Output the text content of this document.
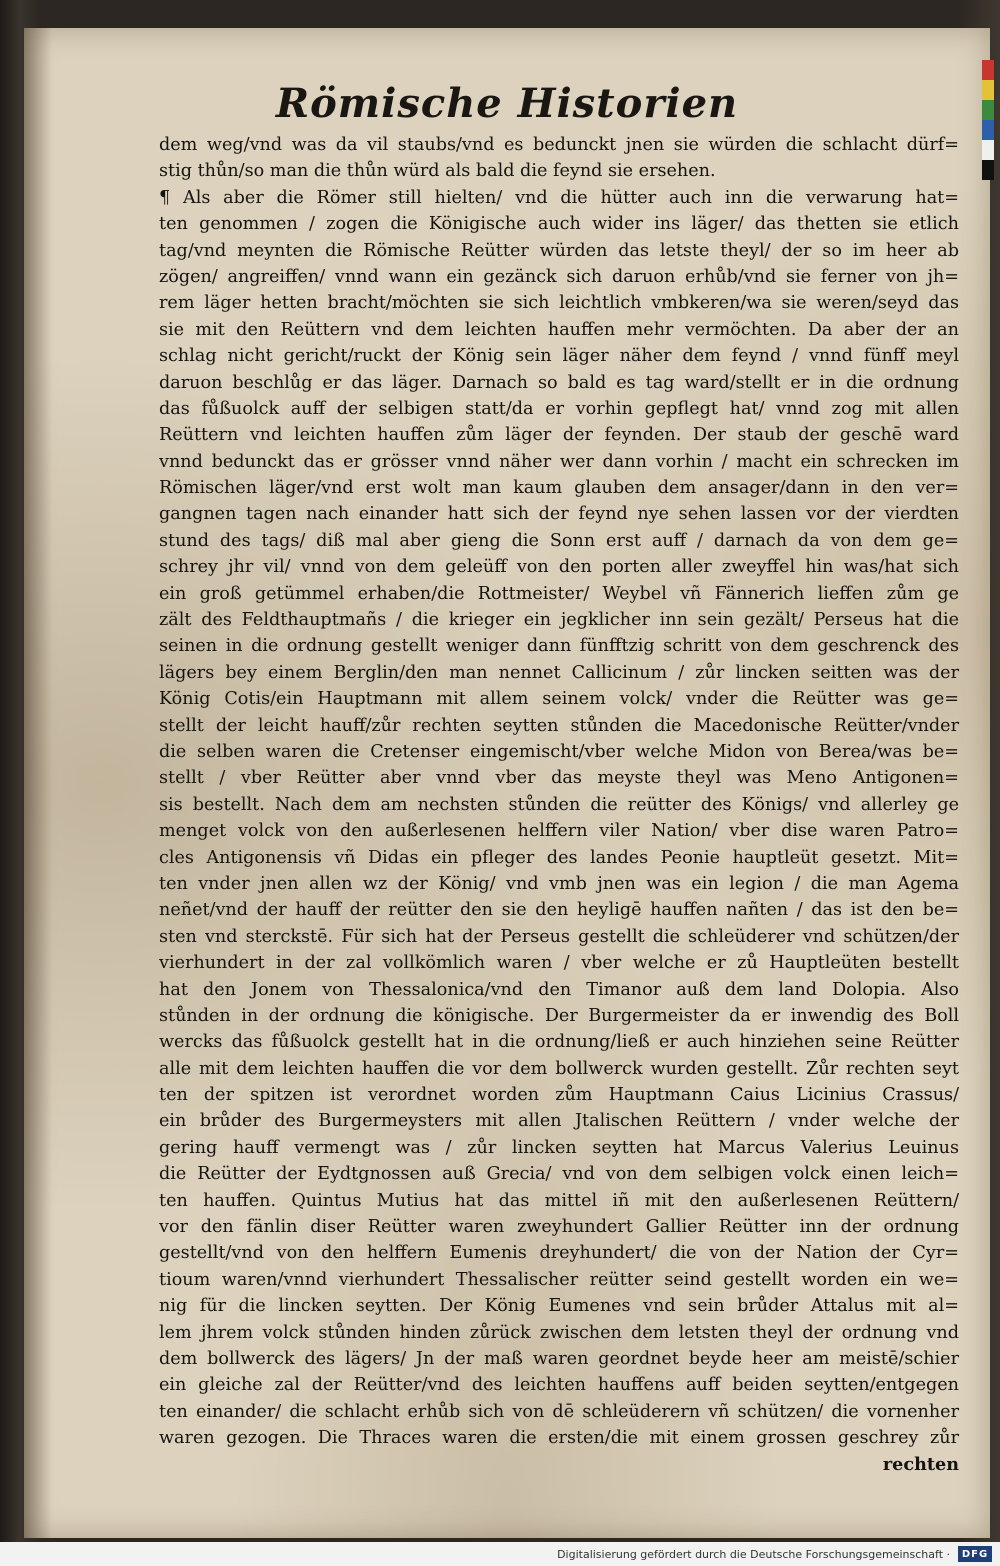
Römische Historien
dem weg/vnd was da vil staubs/vnd es bedunckt jnen sie würden die schlacht dürf=
stig thůn/so man die thůn würd als bald die feynd sie ersehen.
¶ Als aber die Römer still hielten/ vnd die hütter auch inn die verwarung hat=
ten genommen / zogen die Königische auch wider ins läger/ das thetten sie etlich
tag/vnd meynten die Römische Reütter würden das letste theyl/ der so im heer ab
zögen/ angreiffen/ vnnd wann ein gezänck sich daruon erhůb/vnd sie ferner von jh=
rem läger hetten bracht/möchten sie sich leichtlich vmbkeren/wa sie weren/seyd das
sie mit den Reüttern vnd dem leichten hauffen mehr vermöchten. Da aber der an
schlag nicht gericht/ruckt der König sein läger näher dem feynd / vnnd fünff meyl
daruon beschlůg er das läger. Darnach so bald es tag ward/stellt er in die ordnung
das fůßuolck auff der selbigen statt/da er vorhin gepflegt hat/ vnnd zog mit allen
Reüttern vnd leichten hauffen zům läger der feynden. Der staub der geschē ward
vnnd bedunckt das er grösser vnnd näher wer dann vorhin / macht ein schrecken im
Römischen läger/vnd erst wolt man kaum glauben dem ansager/dann in den ver=
gangnen tagen nach einander hatt sich der feynd nye sehen lassen vor der vierdten
stund des tags/ diß mal aber gieng die Sonn erst auff / darnach da von dem ge=
schrey jhr vil/ vnnd von dem geleüff von den porten aller zweyffel hin was/hat sich
ein groß getümmel erhaben/die Rottmeister/ Weybel vñ Fännerich lieffen zům ge
zält des Feldthauptmañs / die krieger ein jegklicher inn sein gezält/ Perseus hat die
seinen in die ordnung gestellt weniger dann fünfftzig schritt von dem geschrenck des
lägers bey einem Berglin/den man nennet Callicinum / zůr lincken seitten was der
König Cotis/ein Hauptmann mit allem seinem volck/ vnder die Reütter was ge=
stellt der leicht hauff/zůr rechten seytten stůnden die Macedonische Reütter/vnder
die selben waren die Cretenser eingemischt/vber welche Midon von Berea/was be=
stellt / vber Reütter aber vnnd vber das meyste theyl was Meno Antigonen=
sis bestellt. Nach dem am nechsten stůnden die reütter des Königs/ vnd allerley ge
menget volck von den außerlesenen helffern viler Nation/ vber dise waren Patro=
cles Antigonensis vñ Didas ein pfleger des landes Peonie hauptleüt gesetzt. Mit=
ten vnder jnen allen wz der König/ vnd vmb jnen was ein legion / die man Agema
neñet/vnd der hauff der reütter den sie den heyligē hauffen nañten / das ist den be=
sten vnd sterckstē. Für sich hat der Perseus gestellt die schleüderer vnd schützen/der
vierhundert in der zal vollkömlich waren / vber welche er zů Hauptleüten bestellt
hat den Jonem von Thessalonica/vnd den Timanor auß dem land Dolopia. Also
stůnden in der ordnung die königische. Der Burgermeister da er inwendig des Boll
wercks das fůßuolck gestellt hat in die ordnung/ließ er auch hinziehen seine Reütter
alle mit dem leichten hauffen die vor dem bollwerck wurden gestellt. Zůr rechten seyt
ten der spitzen ist verordnet worden zům Hauptmann Caius Licinius Crassus/
ein brůder des Burgermeysters mit allen Jtalischen Reüttern / vnder welche der
gering hauff vermengt was / zůr lincken seytten hat Marcus Valerius Leuinus
die Reütter der Eydtgnossen auß Grecia/ vnd von dem selbigen volck einen leich=
ten hauffen. Quintus Mutius hat das mittel iñ mit den außerlesenen Reüttern/
vor den fänlin diser Reütter waren zweyhundert Gallier Reütter inn der ordnung
gestellt/vnd von den helffern Eumenis dreyhundert/ die von der Nation der Cyr=
tioum waren/vnnd vierhundert Thessalischer reütter seind gestellt worden ein we=
nig für die lincken seytten. Der König Eumenes vnd sein brůder Attalus mit al=
lem jhrem volck stůnden hinden zůrück zwischen dem letsten theyl der ordnung vnd
dem bollwerck des lägers/ Jn der maß waren geordnet beyde heer am meistē/schier
ein gleiche zal der Reütter/vnd des leichten hauffens auff beiden seytten/entgegen
ten einander/ die schlacht erhůb sich von dē schleüderern vñ schützen/ die vornenher
waren gezogen. Die Thraces waren die ersten/die mit einem grossen geschrey zůr
rechten
Digitalisierung gefördert durch die Deutsche Forschungsgemeinschaft ·	DFG
